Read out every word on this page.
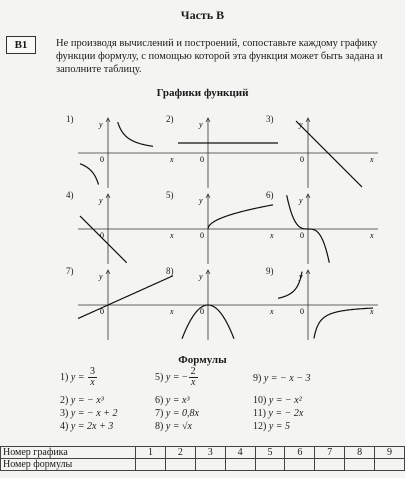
Часть В
B1	Не производя вычислений и построений, сопоставьте каждому графику функции формулу, с помощью которой эта функция может быть задана и заполните таблицу.
Графики функций
1)
y
x
0
2)
y
0
3)
y
x
0
4)
y
x
0
5)
y
x
0
6)
y
x
0
7)
y
x
0
8)
y
x
0
9)
y
x
0
Формулы
1) $y = \frac{3}{x}$	5) y = − $\frac{2}{x}$	9) y = − x − 3
2) y = − x³	6) y = x³	10) y = − x²
3) y = − x + 2	7) y = 0,8x	11) y = − 2x
4) y = 2x + 3	8) y = √x	12) y = 5
Номер графика	1	2	3	4	5	6	7	8	9
Номер формулы									
